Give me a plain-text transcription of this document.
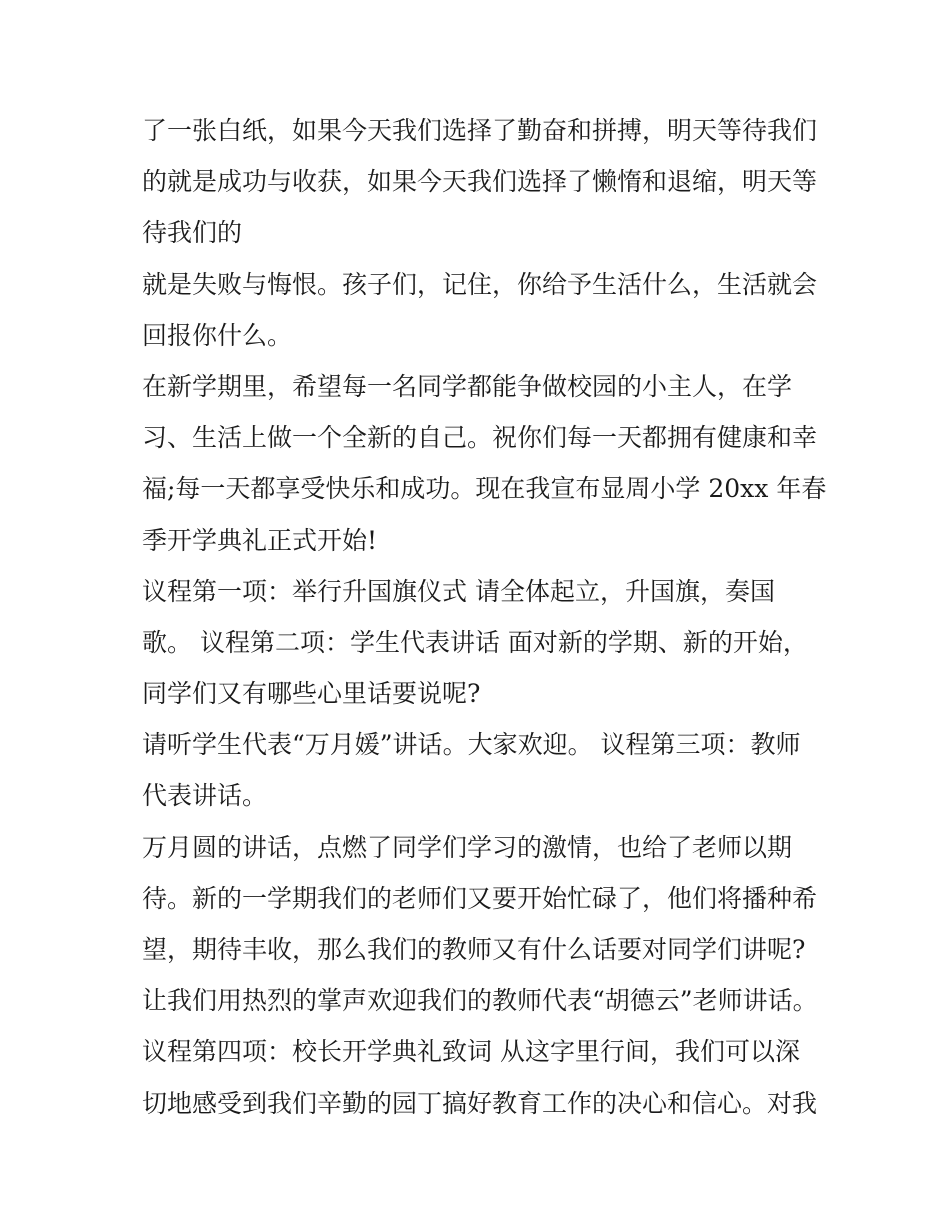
了一张白纸，如果今天我们选择了勤奋和拼搏，明天等待我们
的就是成功与收获，如果今天我们选择了懒惰和退缩，明天等
待我们的
就是失败与悔恨。孩子们，记住，你给予生活什么，生活就会
回报你什么。
在新学期里，希望每一名同学都能争做校园的小主人，在学
习、生活上做一个全新的自己。祝你们每一天都拥有健康和幸
福;每一天都享受快乐和成功。现在我宣布显周小学 20xx 年春
季开学典礼正式开始!
议程第一项：举行升国旗仪式 请全体起立，升国旗，奏国
歌。 议程第二项：学生代表讲话 面对新的学期、新的开始，
同学们又有哪些心里话要说呢?
请听学生代表“万月媛”讲话。大家欢迎。 议程第三项：教师
代表讲话。
万月圆的讲话，点燃了同学们学习的激情，也给了老师以期
待。新的一学期我们的老师们又要开始忙碌了，他们将播种希
望，期待丰收，那么我们的教师又有什么话要对同学们讲呢?
让我们用热烈的掌声欢迎我们的教师代表“胡德云”老师讲话。
议程第四项：校长开学典礼致词 从这字里行间，我们可以深
切地感受到我们辛勤的园丁搞好教育工作的决心和信心。对我
